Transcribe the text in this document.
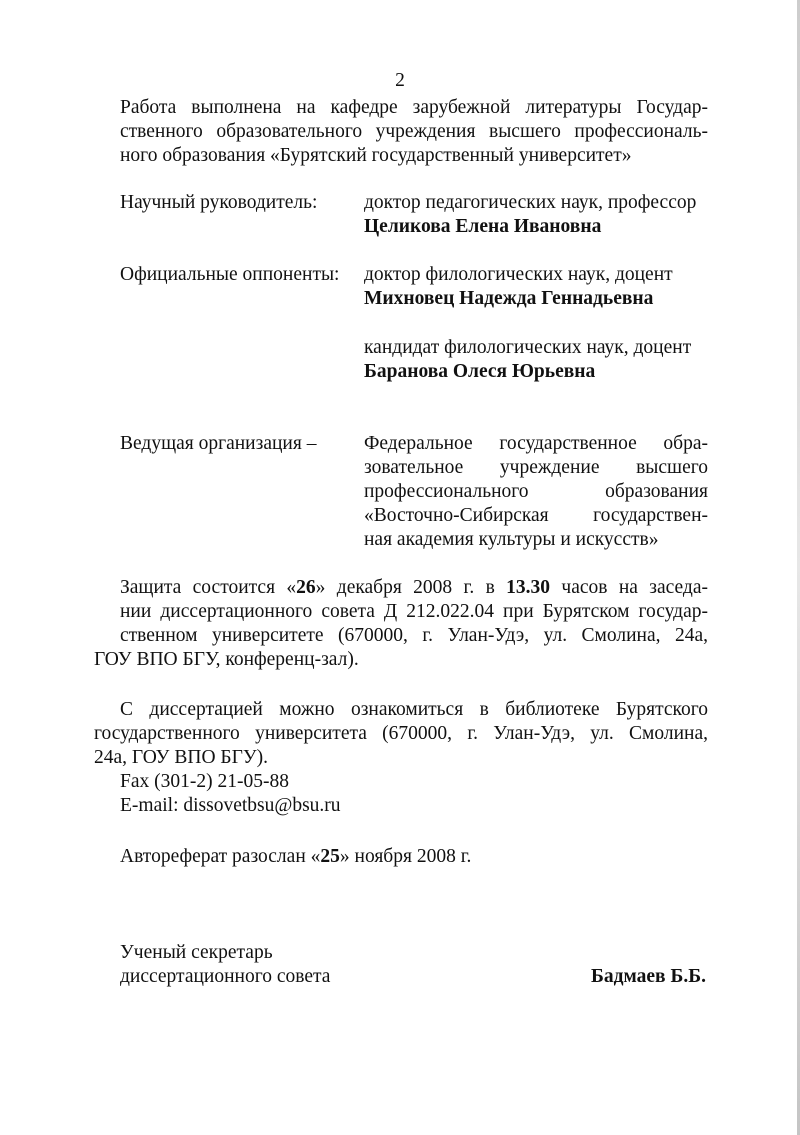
2
Работа выполнена на кафедре зарубежной литературы Государ-
ственного образовательного учреждения высшего профессиональ-
ного образования «Бурятский государственный университет»
Научный руководитель: доктор педагогических наук, профессор
Целикова Елена Ивановна
Официальные оппоненты: доктор филологических наук, доцент
Михновец Надежда Геннадьевна
кандидат филологических наук, доцент
Баранова Олеся Юрьевна
Ведущая организация – Федеральное государственное обра-
зовательное учреждение высшего
профессионального образования
«Восточно-Сибирская государствен-
ная академия культуры и искусств»
Защита состоится «26» декабря 2008 г. в 13.30 часов на заседа-
нии диссертационного совета Д 212.022.04 при Бурятском государ-
ственном университете (670000, г. Улан-Удэ, ул. Смолина, 24а,
ГОУ ВПО БГУ, конференц-зал).
С диссертацией можно ознакомиться в библиотеке Бурятского
государственного университета (670000, г. Улан-Удэ, ул. Смолина,
24а, ГОУ ВПО БГУ).
Fax (301-2) 21-05-88
E-mail: dissovetbsu@bsu.ru
Автореферат разослан «25» ноября 2008 г.
Ученый секретарь
диссертационного совета	Бадмаев Б.Б.
